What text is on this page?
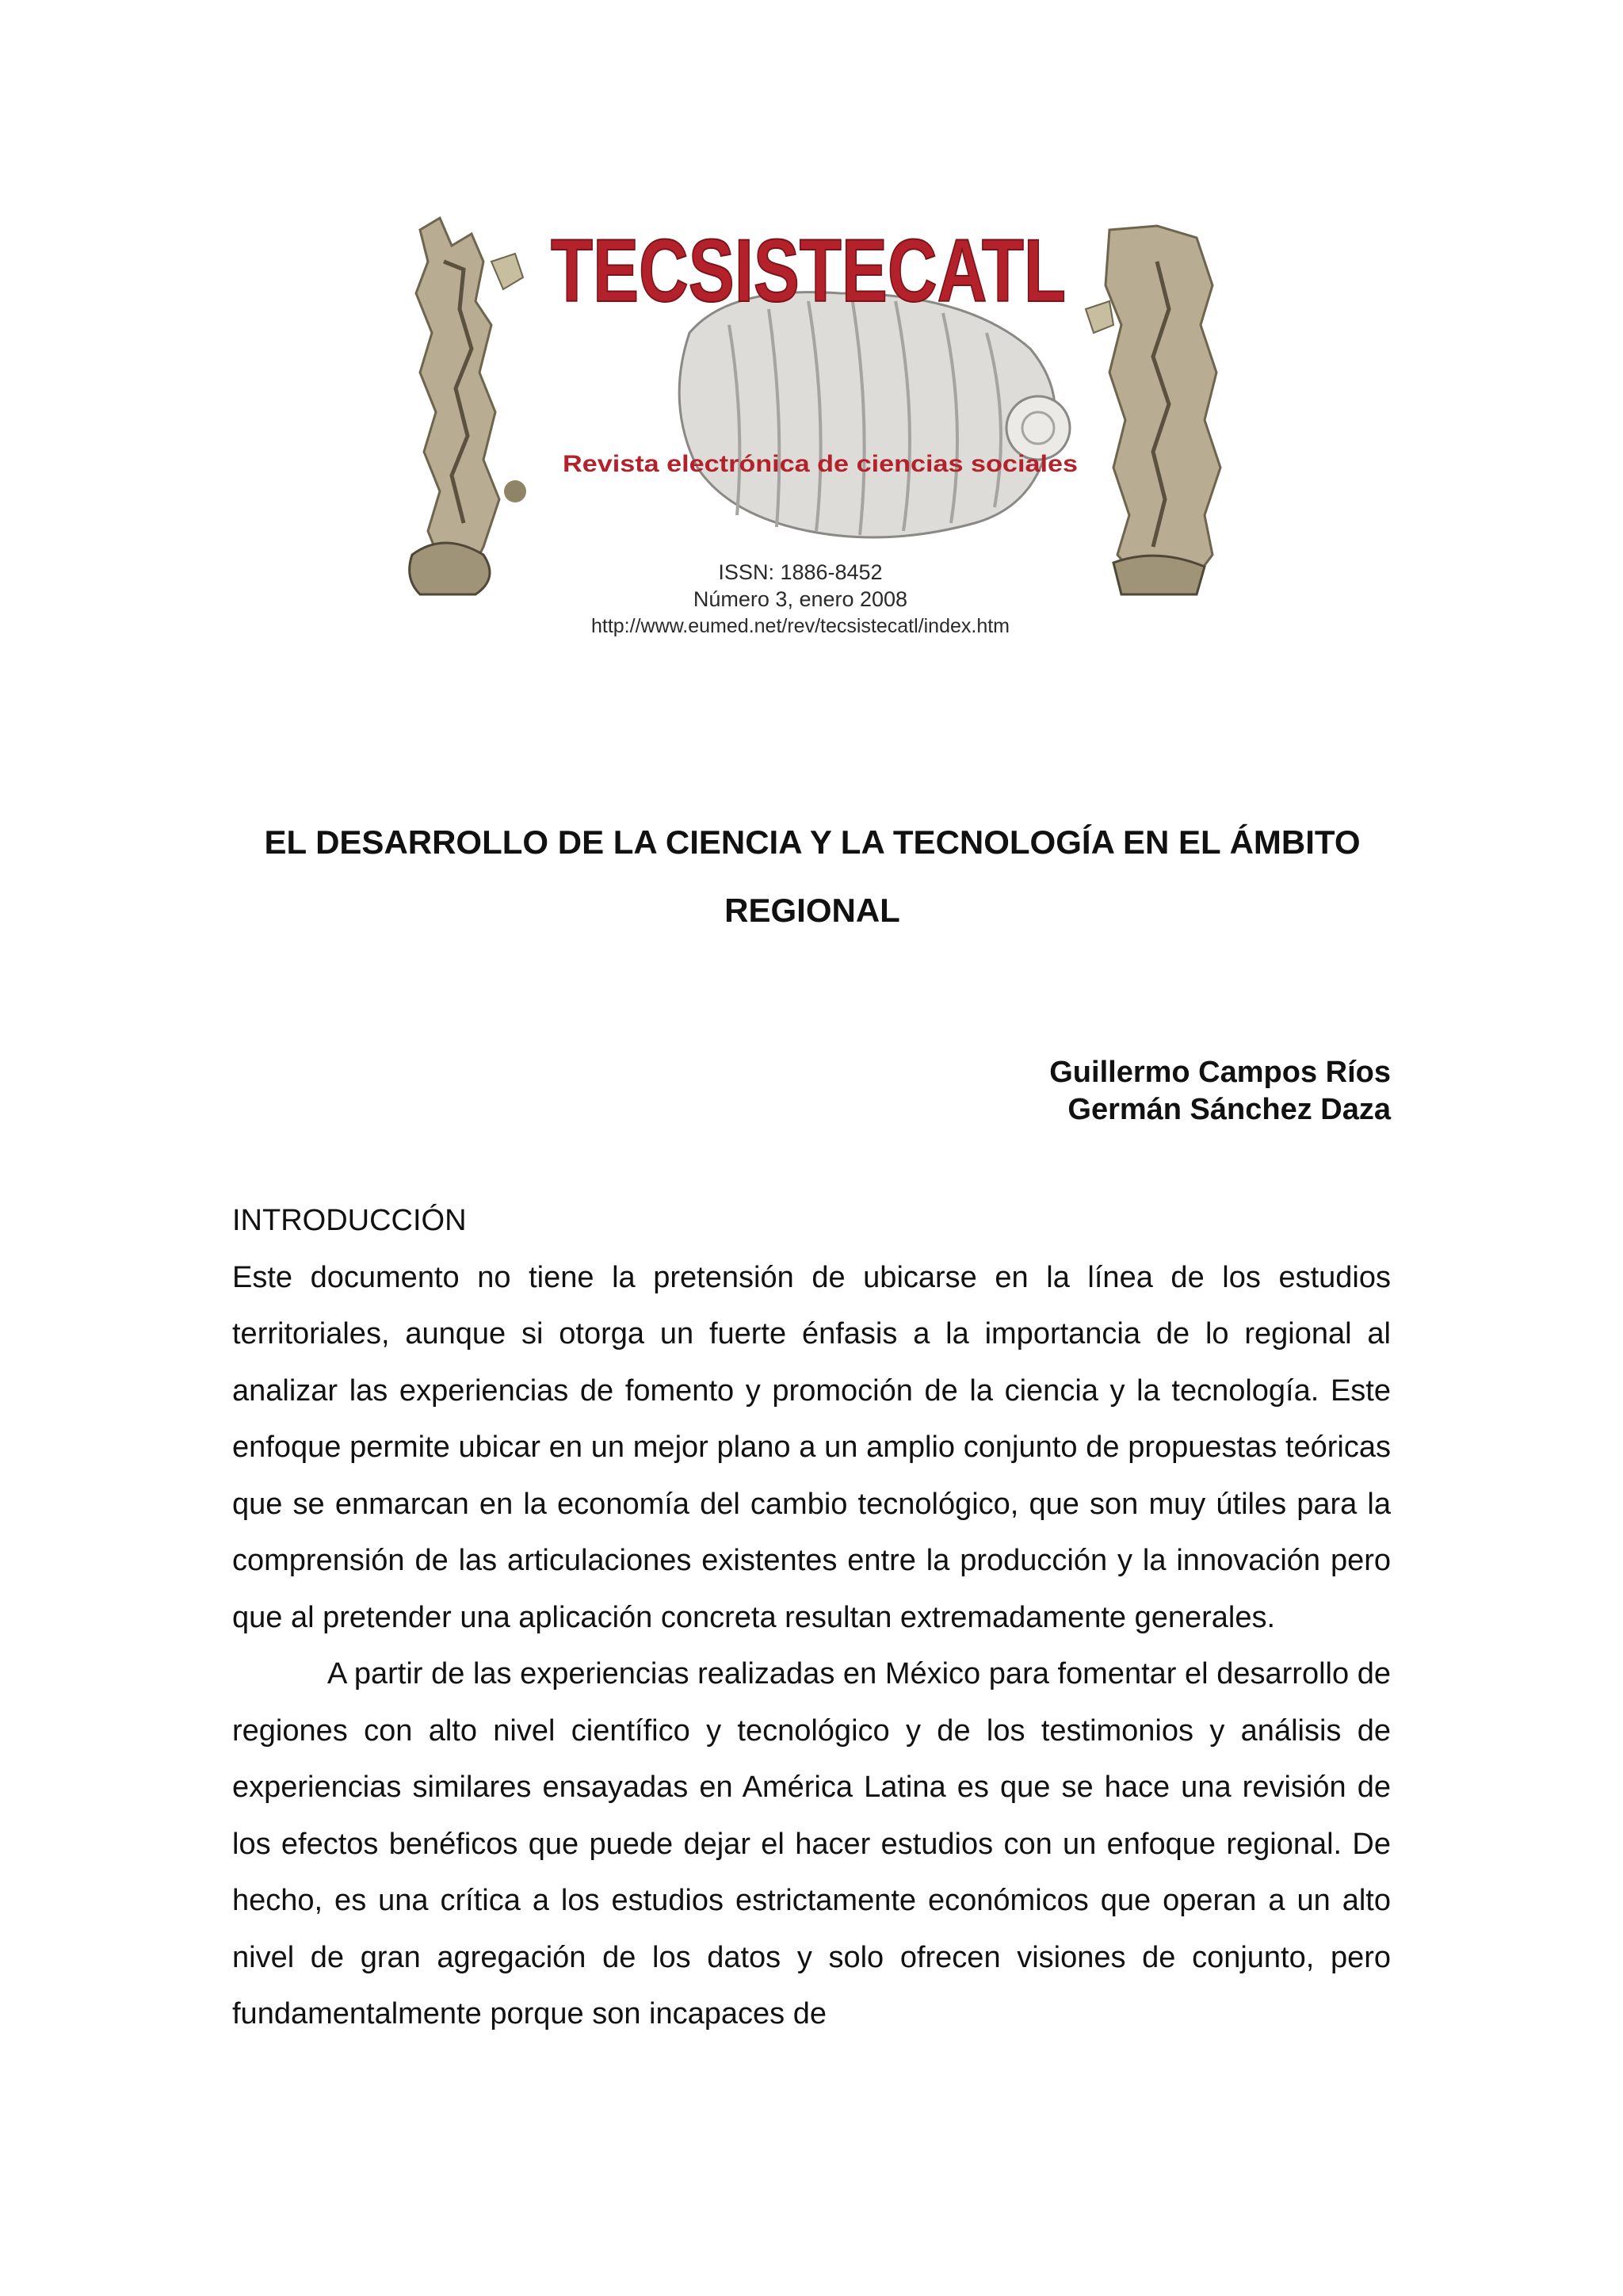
TECSISTECATL
Revista electrónica de ciencias sociales
ISSN: 1886-8452
Número 3, enero 2008
http://www.eumed.net/rev/tecsistecatl/index.htm
EL DESARROLLO DE LA CIENCIA Y LA TECNOLOGÍA EN EL ÁMBITO REGIONAL
Guillermo Campos Ríos
Germán Sánchez Daza
INTRODUCCIÓN

Este documento no tiene la pretensión de ubicarse en la línea de los estudios territoriales, aunque si otorga un fuerte énfasis a la importancia de lo regional al analizar las experiencias de fomento y promoción de la ciencia y la tecnología. Este enfoque permite ubicar en un mejor plano a un amplio conjunto de propuestas teóricas que se enmarcan en la economía del cambio tecnológico, que son muy útiles para la comprensión de las articulaciones existentes entre la producción y la innovación pero que al pretender una aplicación concreta resultan extremadamente generales.

A partir de las experiencias realizadas en México para fomentar el desarrollo de regiones con alto nivel científico y tecnológico y de los testimonios y análisis de experiencias similares ensayadas en América Latina es que se hace una revisión de los efectos benéficos que puede dejar el hacer estudios con un enfoque regional. De hecho, es una crítica a los estudios estrictamente económicos que operan a un alto nivel de gran agregación de los datos y solo ofrecen visiones de conjunto, pero fundamentalmente porque son incapaces de
